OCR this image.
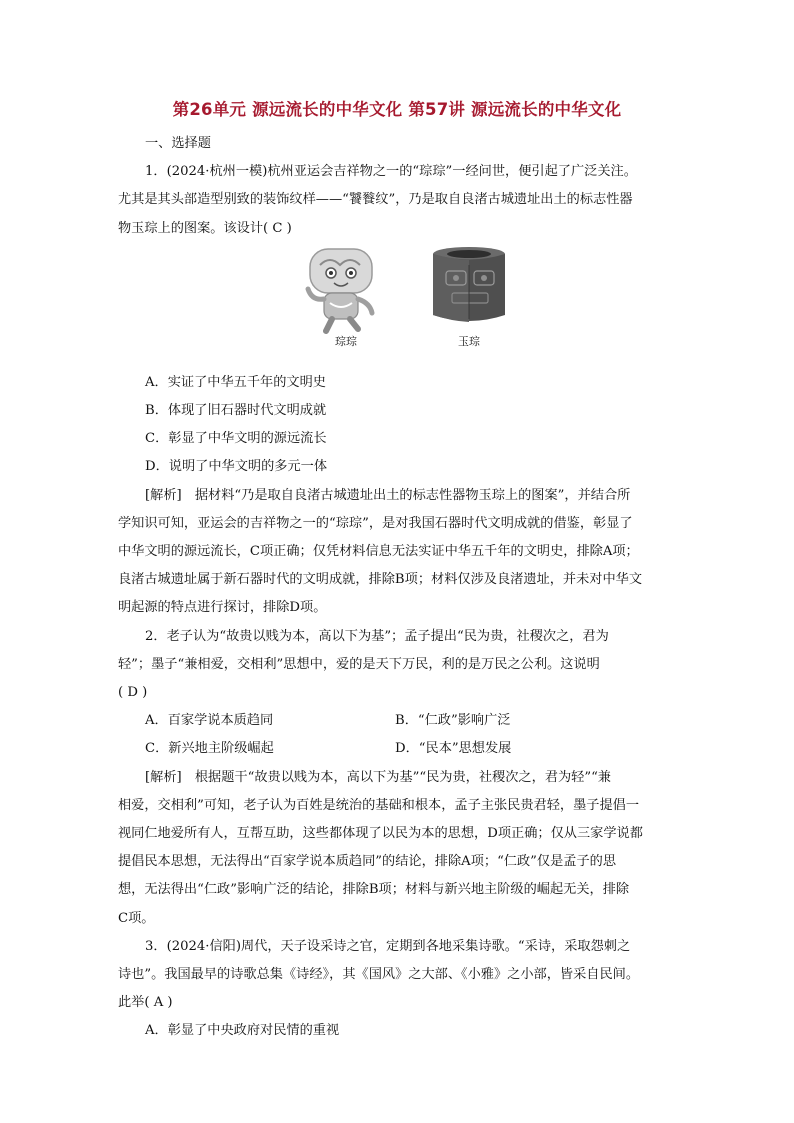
第26单元 源远流长的中华文化 第57讲 源远流长的中华文化

一、选择题

1．(2024·杭州一模)杭州亚运会吉祥物之一的“琮琮”一经问世，便引起了广泛关注。

尤其是其头部造型别致的装饰纹样——“饕餮纹”，乃是取自良渚古城遗址出土的标志性器

物玉琮上的图案。该设计( C )

琮琮	玉琮

A．实证了中华五千年的文明史

B．体现了旧石器时代文明成就

C．彰显了中华文明的源远流长

D．说明了中华文明的多元一体

[解析]　据材料“乃是取自良渚古城遗址出土的标志性器物玉琮上的图案”，并结合所

学知识可知，亚运会的吉祥物之一的“琮琮”，是对我国石器时代文明成就的借鉴，彰显了

中华文明的源远流长，C项正确；仅凭材料信息无法实证中华五千年的文明史，排除A项；

良渚古城遗址属于新石器时代的文明成就，排除B项；材料仅涉及良渚遗址，并未对中华文

明起源的特点进行探讨，排除D项。

2．老子认为“故贵以贱为本，高以下为基”；孟子提出“民为贵，社稷次之，君为

轻”；墨子“兼相爱，交相利”思想中，爱的是天下万民，利的是万民之公利。这说明

( D )

A．百家学说本质趋同	B．“仁政”影响广泛
C．新兴地主阶级崛起	D．“民本”思想发展

[解析]　根据题干“故贵以贱为本，高以下为基”“民为贵，社稷次之，君为轻”“兼

相爱，交相利”可知，老子认为百姓是统治的基础和根本，孟子主张民贵君轻，墨子提倡一

视同仁地爱所有人，互帮互助，这些都体现了以民为本的思想，D项正确；仅从三家学说都

提倡民本思想，无法得出“百家学说本质趋同”的结论，排除A项；“仁政”仅是孟子的思

想，无法得出“仁政”影响广泛的结论，排除B项；材料与新兴地主阶级的崛起无关，排除

C项。

3．(2024·信阳)周代，天子设采诗之官，定期到各地采集诗歌。“采诗，采取怨刺之

诗也”。我国最早的诗歌总集《诗经》，其《国风》之大部、《小雅》之小部，皆采自民间。

此举( A )

A．彰显了中央政府对民情的重视
